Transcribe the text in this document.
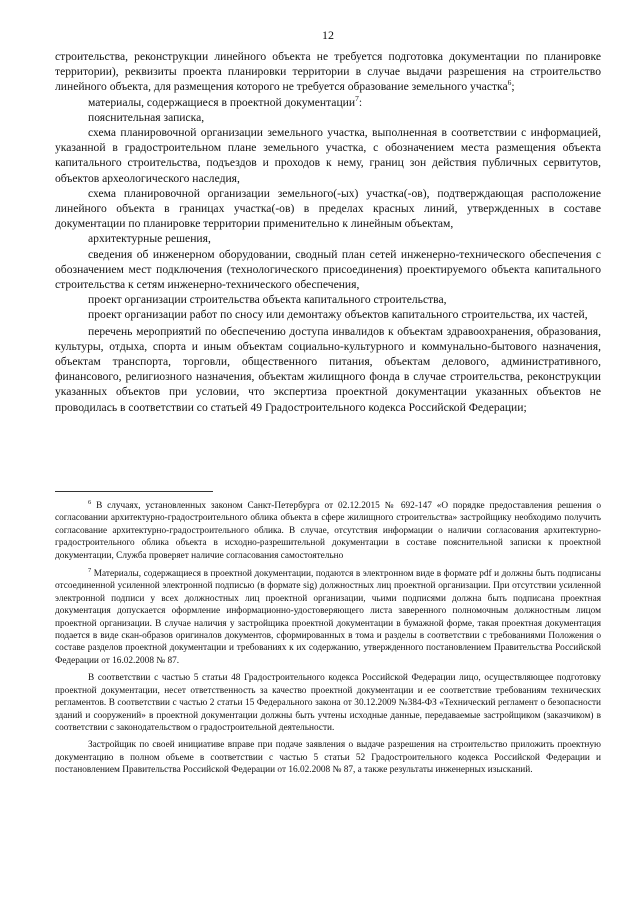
12

строительства, реконструкции линейного объекта не требуется подготовка документации по планировке территории), реквизиты проекта планировки территории в случае выдачи разрешения на строительство линейного объекта, для размещения которого не требуется образование земельного участка$^6$;

материалы, содержащиеся в проектной документации$^7$:

пояснительная записка,

схема планировочной организации земельного участка, выполненная в соответствии с информацией, указанной в градостроительном плане земельного участка, с обозначением места размещения объекта капитального строительства, подъездов и проходов к нему, границ зон действия публичных сервитутов, объектов археологического наследия,

схема планировочной организации земельного(-ых) участка(-ов), подтверждающая расположение линейного объекта в границах участка(-ов) в пределах красных линий, утвержденных в составе документации по планировке территории применительно к линейным объектам,

архитектурные решения,

сведения об инженерном оборудовании, сводный план сетей инженерно-технического обеспечения с обозначением мест подключения (технологического присоединения) проектируемого объекта капитального строительства к сетям инженерно-технического обеспечения,

проект организации строительства объекта капитального строительства,

проект организации работ по сносу или демонтажу объектов капитального строительства, их частей,

перечень мероприятий по обеспечению доступа инвалидов к объектам здравоохранения, образования, культуры, отдыха, спорта и иным объектам социально-культурного и коммунально-бытового назначения, объектам транспорта, торговли, общественного питания, объектам делового, административного, финансового, религиозного назначения, объектам жилищного фонда в случае строительства, реконструкции указанных объектов при условии, что экспертиза проектной документации указанных объектов не проводилась в соответствии со статьей 49 Градостроительного кодекса Российской Федерации;

$^6$ В случаях, установленных законом Санкт-Петербурга от 02.12.2015 № 692-147 «О порядке предоставления решения о согласовании архитектурно-градостроительного облика объекта в сфере жилищного строительства» застройщику необходимо получить согласование архитектурно-градостроительного облика. В случае, отсутствия информации о наличии согласования архитектурно-градостроительного облика объекта в исходно-разрешительной документации в составе пояснительной записки к проектной документации, Служба проверяет наличие согласования самостоятельно

$^7$ Материалы, содержащиеся в проектной документации, подаются в электронном виде в формате pdf и должны быть подписаны отсоединенной усиленной электронной подписью (в формате sig) должностных лиц проектной организации. При отсутствии усиленной электронной подписи у всех должностных лиц проектной организации, чьими подписями должна быть подписана проектная документация допускается оформление информационно-удостоверяющего листа заверенного полномочным должностным лицом проектной организации. В случае наличия у застройщика проектной документации в бумажной форме, такая проектная документация подается в виде скан-образов оригиналов документов, сформированных в тома и разделы в соответствии с требованиями Положения о составе разделов проектной документации и требованиях к их содержанию, утвержденного постановлением Правительства Российской Федерации от 16.02.2008 № 87.

В соответствии с частью 5 статьи 48 Градостроительного кодекса Российской Федерации лицо, осуществляющее подготовку проектной документации, несет ответственность за качество проектной документации и ее соответствие требованиям технических регламентов. В соответствии с частью 2 статьи 15 Федерального закона от 30.12.2009 №384-ФЗ «Технический регламент о безопасности зданий и сооружений» в проектной документации должны быть учтены исходные данные, передаваемые застройщиком (заказчиком) в соответствии с законодательством о градостроительной деятельности.

Застройщик по своей инициативе вправе при подаче заявления о выдаче разрешения на строительство приложить проектную документацию в полном объеме в соответствии с частью 5 статьи 52 Градостроительного кодекса Российской Федерации и постановлением Правительства Российской Федерации от 16.02.2008 № 87, а также результаты инженерных изысканий.
